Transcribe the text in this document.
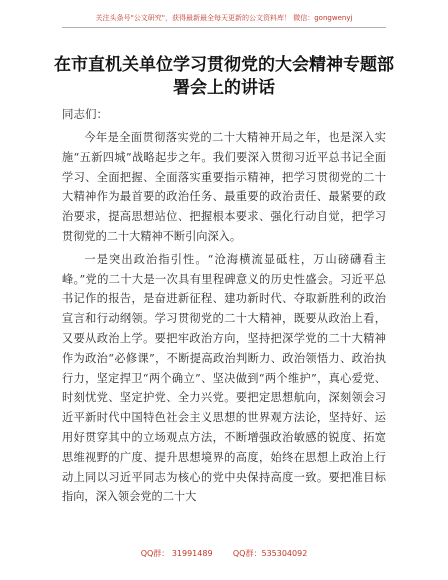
关注头条号"公文研究"，获得最新最全每天更新的公文资料库！ 微信：gongwenyj
在市直机关单位学习贯彻党的大会精神专题部署会上的讲话
同志们：

今年是全面贯彻落实党的二十大精神开局之年，也是深入实施“五新四城”战略起步之年。我们要深入贯彻习近平总书记全面学习、全面把握、全面落实重要指示精神，把学习贯彻党的二十大精神作为最首要的政治任务、最重要的政治责任、最紧要的政治要求，提高思想站位、把握根本要求、强化行动自觉，把学习贯彻党的二十大精神不断引向深入。

一是突出政治指引性。“沧海横流显砥柱，万山磅礴看主峰。”党的二十大是一次具有里程碑意义的历史性盛会。习近平总书记作的报告，是奋进新征程、建功新时代、夺取新胜利的政治宣言和行动纲领。学习贯彻党的二十大精神，既要从政治上看，又要从政治上学。要把牢政治方向，坚持把深学党的二十大精神作为政治“必修课”，不断提高政治判断力、政治领悟力、政治执行力，坚定捍卫“两个确立”、坚决做到“两个维护”，真心爱党、时刻忧党、坚定护党、全力兴党。要把定思想航向，深刻领会习近平新时代中国特色社会主义思想的世界观方法论，坚持好、运用好贯穿其中的立场观点方法，不断增强政治敏感的锐度、拓宽思维视野的广度、提升思想境界的高度，始终在思想上政治上行动上同以习近平同志为核心的党中央保持高度一致。要把准目标指向，深入领会党的二十大

QQ群： 31991489        QQ群：535304092
